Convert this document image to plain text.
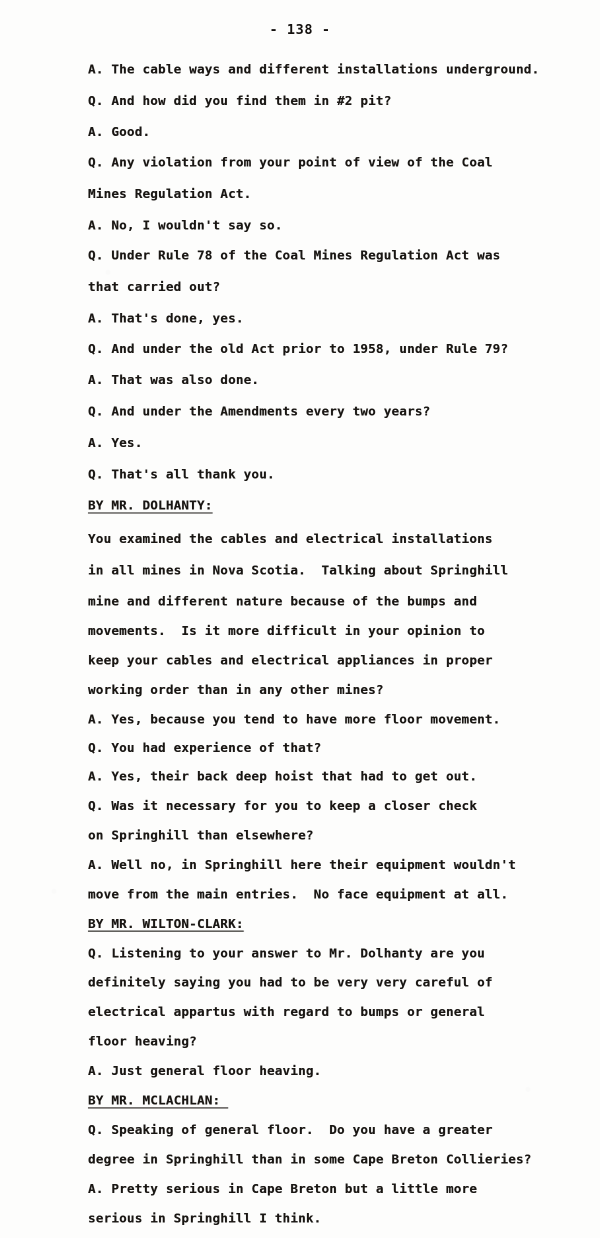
- 138 -
A. The cable ways and different installations underground.
Q. And how did you find them in #2 pit?
A. Good.
Q. Any violation from your point of view of the Coal
Mines Regulation Act.
A. No, I wouldn't say so.
Q. Under Rule 78 of the Coal Mines Regulation Act was
that carried out?
A. That's done, yes.
Q. And under the old Act prior to 1958, under Rule 79?
A. That was also done.
Q. And under the Amendments every two years?
A. Yes.
Q. That's all thank you.
BY MR. DOLHANTY:
You examined the cables and electrical installations
in all mines in Nova Scotia.  Talking about Springhill
mine and different nature because of the bumps and
movements.  Is it more difficult in your opinion to
keep your cables and electrical appliances in proper
working order than in any other mines?
A. Yes, because you tend to have more floor movement.
Q. You had experience of that?
A. Yes, their back deep hoist that had to get out.
Q. Was it necessary for you to keep a closer check
on Springhill than elsewhere?
A. Well no, in Springhill here their equipment wouldn't
move from the main entries.  No face equipment at all.
BY MR. WILTON-CLARK:
Q. Listening to your answer to Mr. Dolhanty are you
definitely saying you had to be very very careful of
electrical appartus with regard to bumps or general
floor heaving?
A. Just general floor heaving.
BY MR. MCLACHLAN:
Q. Speaking of general floor.  Do you have a greater
degree in Springhill than in some Cape Breton Collieries?
A. Pretty serious in Cape Breton but a little more
serious in Springhill I think.
